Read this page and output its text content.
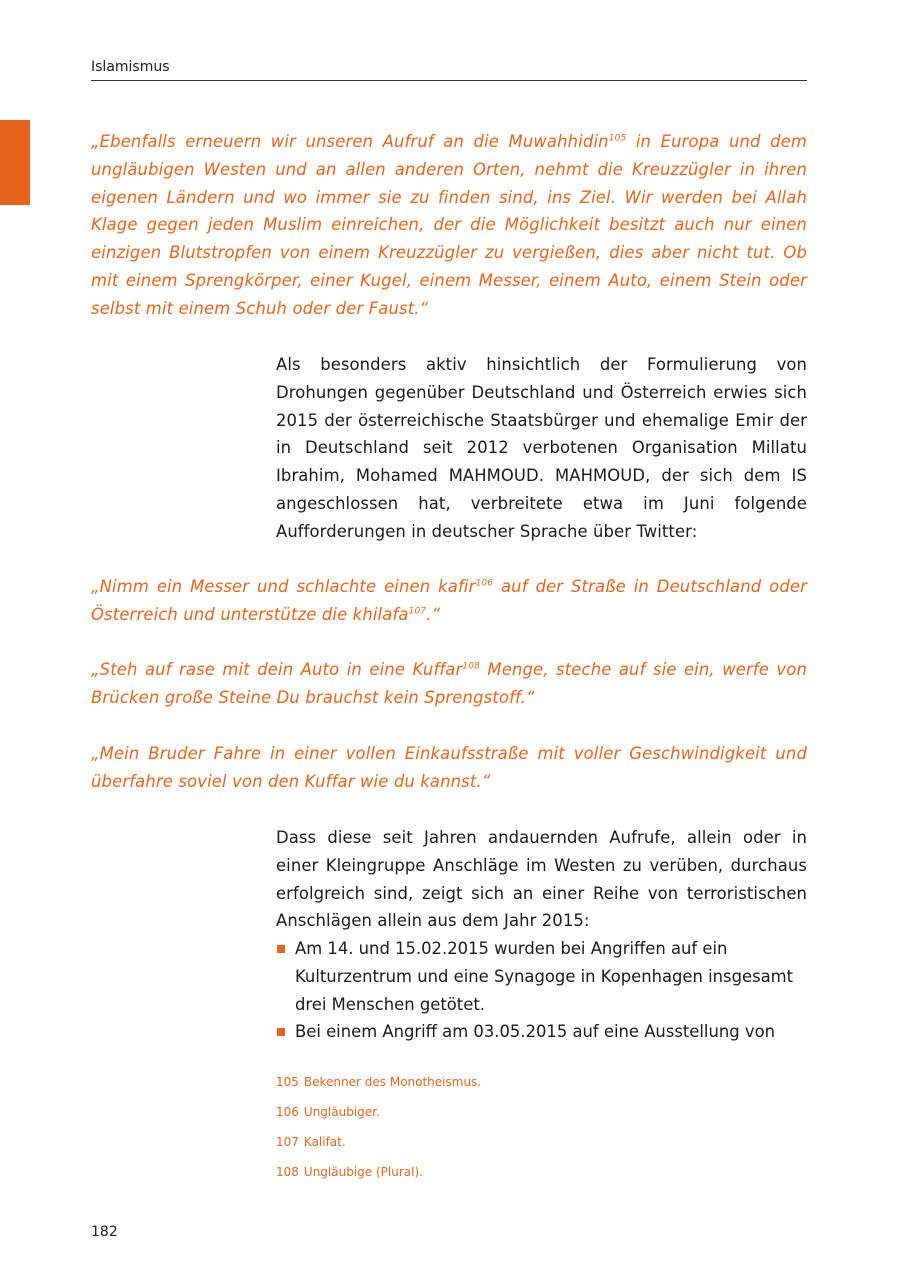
Islamismus

„Ebenfalls erneuern wir unseren Aufruf an die Muwahhidin$^{105}$ in Europa und dem ungläubigen Westen und an allen anderen Orten, nehmt die Kreuzzügler in ihren eigenen Ländern und wo immer sie zu finden sind, ins Ziel. Wir werden bei Allah Klage gegen jeden Muslim einreichen, der die Möglichkeit besitzt auch nur einen einzigen Blutstropfen von einem Kreuzzügler zu vergießen, dies aber nicht tut. Ob mit einem Sprengkörper, einer Kugel, einem Messer, einem Auto, einem Stein oder selbst mit einem Schuh oder der Faust.“

Als besonders aktiv hinsichtlich der Formulierung von Drohungen gegenüber Deutschland und Österreich erwies sich 2015 der österreichische Staatsbürger und ehemalige Emir der in Deutschland seit 2012 verbotenen Organisation Millatu Ibrahim, Mohamed MAHMOUD. MAHMOUD, der sich dem IS angeschlossen hat, verbreitete etwa im Juni folgende Aufforderungen in deutscher Sprache über Twitter:

„Nimm ein Messer und schlachte einen kafir$^{106}$ auf der Straße in Deutschland oder Österreich und unterstütze die khilafa$^{107}$.“

„Steh auf rase mit dein Auto in eine Kuffar$^{108}$ Menge, steche auf sie ein, werfe von Brücken große Steine Du brauchst kein Sprengstoff.“

„Mein Bruder Fahre in einer vollen Einkaufsstraße mit voller Geschwindigkeit und überfahre soviel von den Kuffar wie du kannst.“

Dass diese seit Jahren andauernden Aufrufe, allein oder in einer Kleingruppe Anschläge im Westen zu verüben, durchaus erfolgreich sind, zeigt sich an einer Reihe von terroristischen Anschlägen allein aus dem Jahr 2015:

Am 14. und 15.02.2015 wurden bei Angriffen auf ein Kulturzentrum und eine Synagoge in Kopenhagen insgesamt drei Menschen getötet.
Bei einem Angriff am 03.05.2015 auf eine Ausstellung von

105 Bekenner des Monotheismus.

106 Ungläubiger.

107 Kalifat.

108 Ungläubige (Plural).

182
